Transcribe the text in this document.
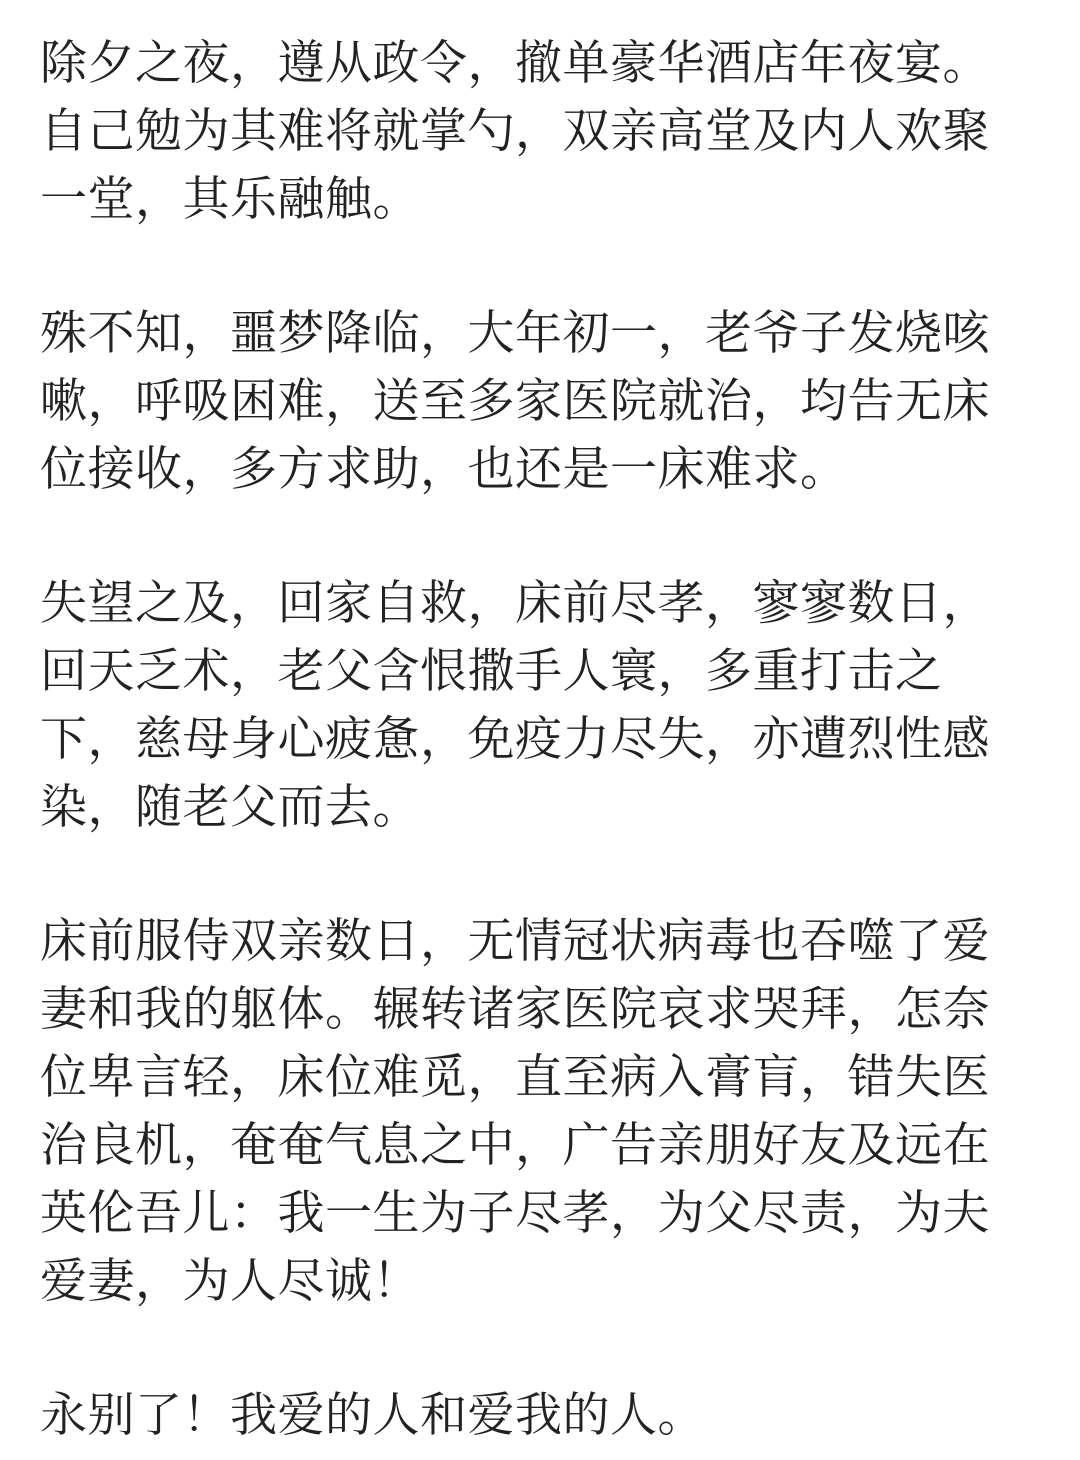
除夕之夜，遵从政令，撤单豪华酒店年夜宴。
自己勉为其难将就掌勺，双亲高堂及内人欢聚
一堂，其乐融触。

殊不知，噩梦降临，大年初一，老爷子发烧咳
嗽，呼吸困难，送至多家医院就治，均告无床
位接收，多方求助，也还是一床难求。

失望之及，回家自救，床前尽孝，寥寥数日，
回天乏术，老父含恨撒手人寰，多重打击之
下，慈母身心疲惫，免疫力尽失，亦遭烈性感
染，随老父而去。

床前服侍双亲数日，无情冠状病毒也吞噬了爱
妻和我的躯体。辗转诸家医院哀求哭拜，怎奈
位卑言轻，床位难觅，直至病入膏肓，错失医
治良机，奄奄气息之中，广告亲朋好友及远在
英伦吾儿：我一生为子尽孝，为父尽责，为夫
爱妻，为人尽诚！

永别了！我爱的人和爱我的人。
